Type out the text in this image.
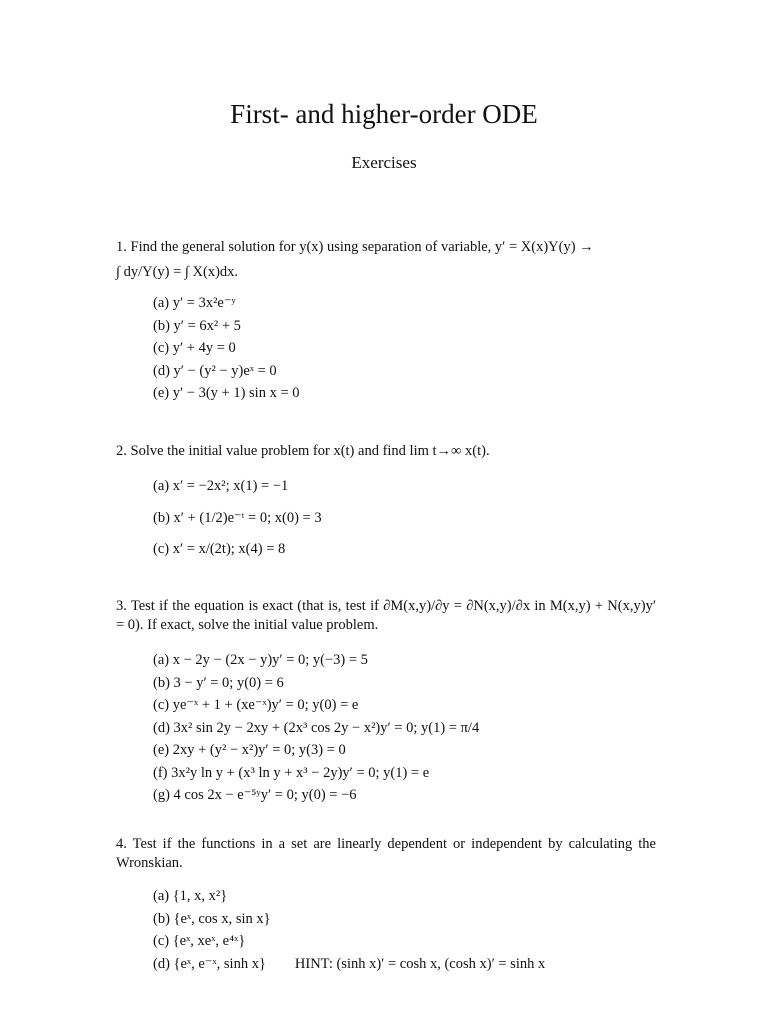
First- and higher-order ODE
Exercises
1. Find the general solution for y(x) using separation of variable, y′ = X(x)Y(y) →
∫ dy/Y(y) = ∫ X(x)dx.
(a) y′ = 3x²e⁻ʸ
(b) y′ = 6x² + 5
(c) y′ + 4y = 0
(d) y′ − (y² − y)eˣ = 0
(e) y′ − 3(y + 1) sin x = 0
2. Solve the initial value problem for x(t) and find lim t→∞ x(t).
(a) x′ = −2x²; x(1) = −1
(b) x′ + (1/2)e⁻ᵗ = 0; x(0) = 3
(c) x′ = x/(2t); x(4) = 8
3. Test if the equation is exact (that is, test if ∂M(x,y)/∂y = ∂N(x,y)/∂x in M(x,y) + N(x,y)y′ = 0). If exact, solve the initial value problem.
(a) x − 2y − (2x − y)y′ = 0; y(−3) = 5
(b) 3 − y′ = 0; y(0) = 6
(c) ye⁻ˣ + 1 + (xe⁻ˣ)y′ = 0; y(0) = e
(d) 3x² sin 2y − 2xy + (2x³ cos 2y − x²)y′ = 0; y(1) = π/4
(e) 2xy + (y² − x²)y′ = 0; y(3) = 0
(f) 3x²y ln y + (x³ ln y + x³ − 2y)y′ = 0; y(1) = e
(g) 4 cos 2x − e⁻⁵ʸy′ = 0; y(0) = −6
4. Test if the functions in a set are linearly dependent or independent by calculating the Wronskian.
(a) {1, x, x²}
(b) {eˣ, cos x, sin x}
(c) {eˣ, xeˣ, e⁴ˣ}
(d) {eˣ, e⁻ˣ, sinh x}        HINT: (sinh x)′ = cosh x, (cosh x)′ = sinh x
